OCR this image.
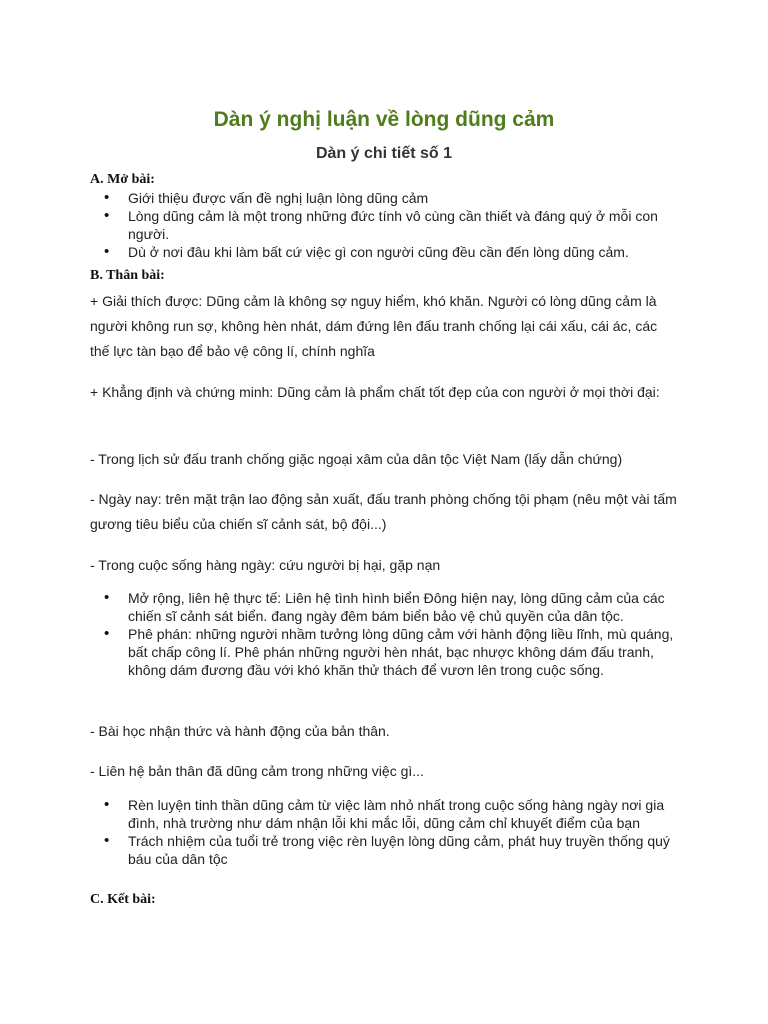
Dàn ý nghị luận về lòng dũng cảm
Dàn ý chi tiết số 1
A. Mở bài:
• Giới thiệu được vấn đề nghị luận lòng dũng cảm
• Lòng dũng cảm là một trong những đức tính vô cùng cần thiết và đáng quý ở mỗi con người.
• Dù ở nơi đâu khi làm bất cứ việc gì con người cũng đều cần đến lòng dũng cảm.
B. Thân bài:

+ Giải thích được: Dũng cảm là không sợ nguy hiểm, khó khăn. Người có lòng dũng cảm là người không run sợ, không hèn nhát, dám đứng lên đấu tranh chống lại cái xấu, cái ác, các thế lực tàn bạo để bảo vệ công lí, chính nghĩa

+ Khẳng định và chứng minh: Dũng cảm là phẩm chất tốt đẹp của con người ở mọi thời đại:

- Trong lịch sử đấu tranh chống giặc ngoại xâm của dân tộc Việt Nam (lấy dẫn chứng)

- Ngày nay: trên mặt trận lao động sản xuất, đấu tranh phòng chống tội phạm (nêu một vài tấm gương tiêu biểu của chiến sĩ cảnh sát, bộ đội...)

- Trong cuộc sống hàng ngày: cứu người bị hại, gặp nạn

• Mở rộng, liên hệ thực tế: Liên hệ tình hình biển Đông hiện nay, lòng dũng cảm của các chiến sĩ cảnh sát biển. đang ngày đêm bám biển bảo vệ chủ quyền của dân tộc.
• Phê phán: những người nhầm tưởng lòng dũng cảm với hành động liều lĩnh, mù quáng, bất chấp công lí. Phê phán những người hèn nhát, bạc nhược không dám đấu tranh, không dám đương đầu với khó khăn thử thách để vươn lên trong cuộc sống.

- Bài học nhận thức và hành động của bản thân.

- Liên hệ bản thân đã dũng cảm trong những việc gì...

• Rèn luyện tinh thần dũng cảm từ việc làm nhỏ nhất trong cuộc sống hàng ngày nơi gia đình, nhà trường như dám nhận lỗi khi mắc lỗi, dũng cảm chỉ khuyết điểm của bạn
• Trách nhiệm của tuổi trẻ trong việc rèn luyện lòng dũng cảm, phát huy truyền thống quý báu của dân tộc
C. Kết bài:
